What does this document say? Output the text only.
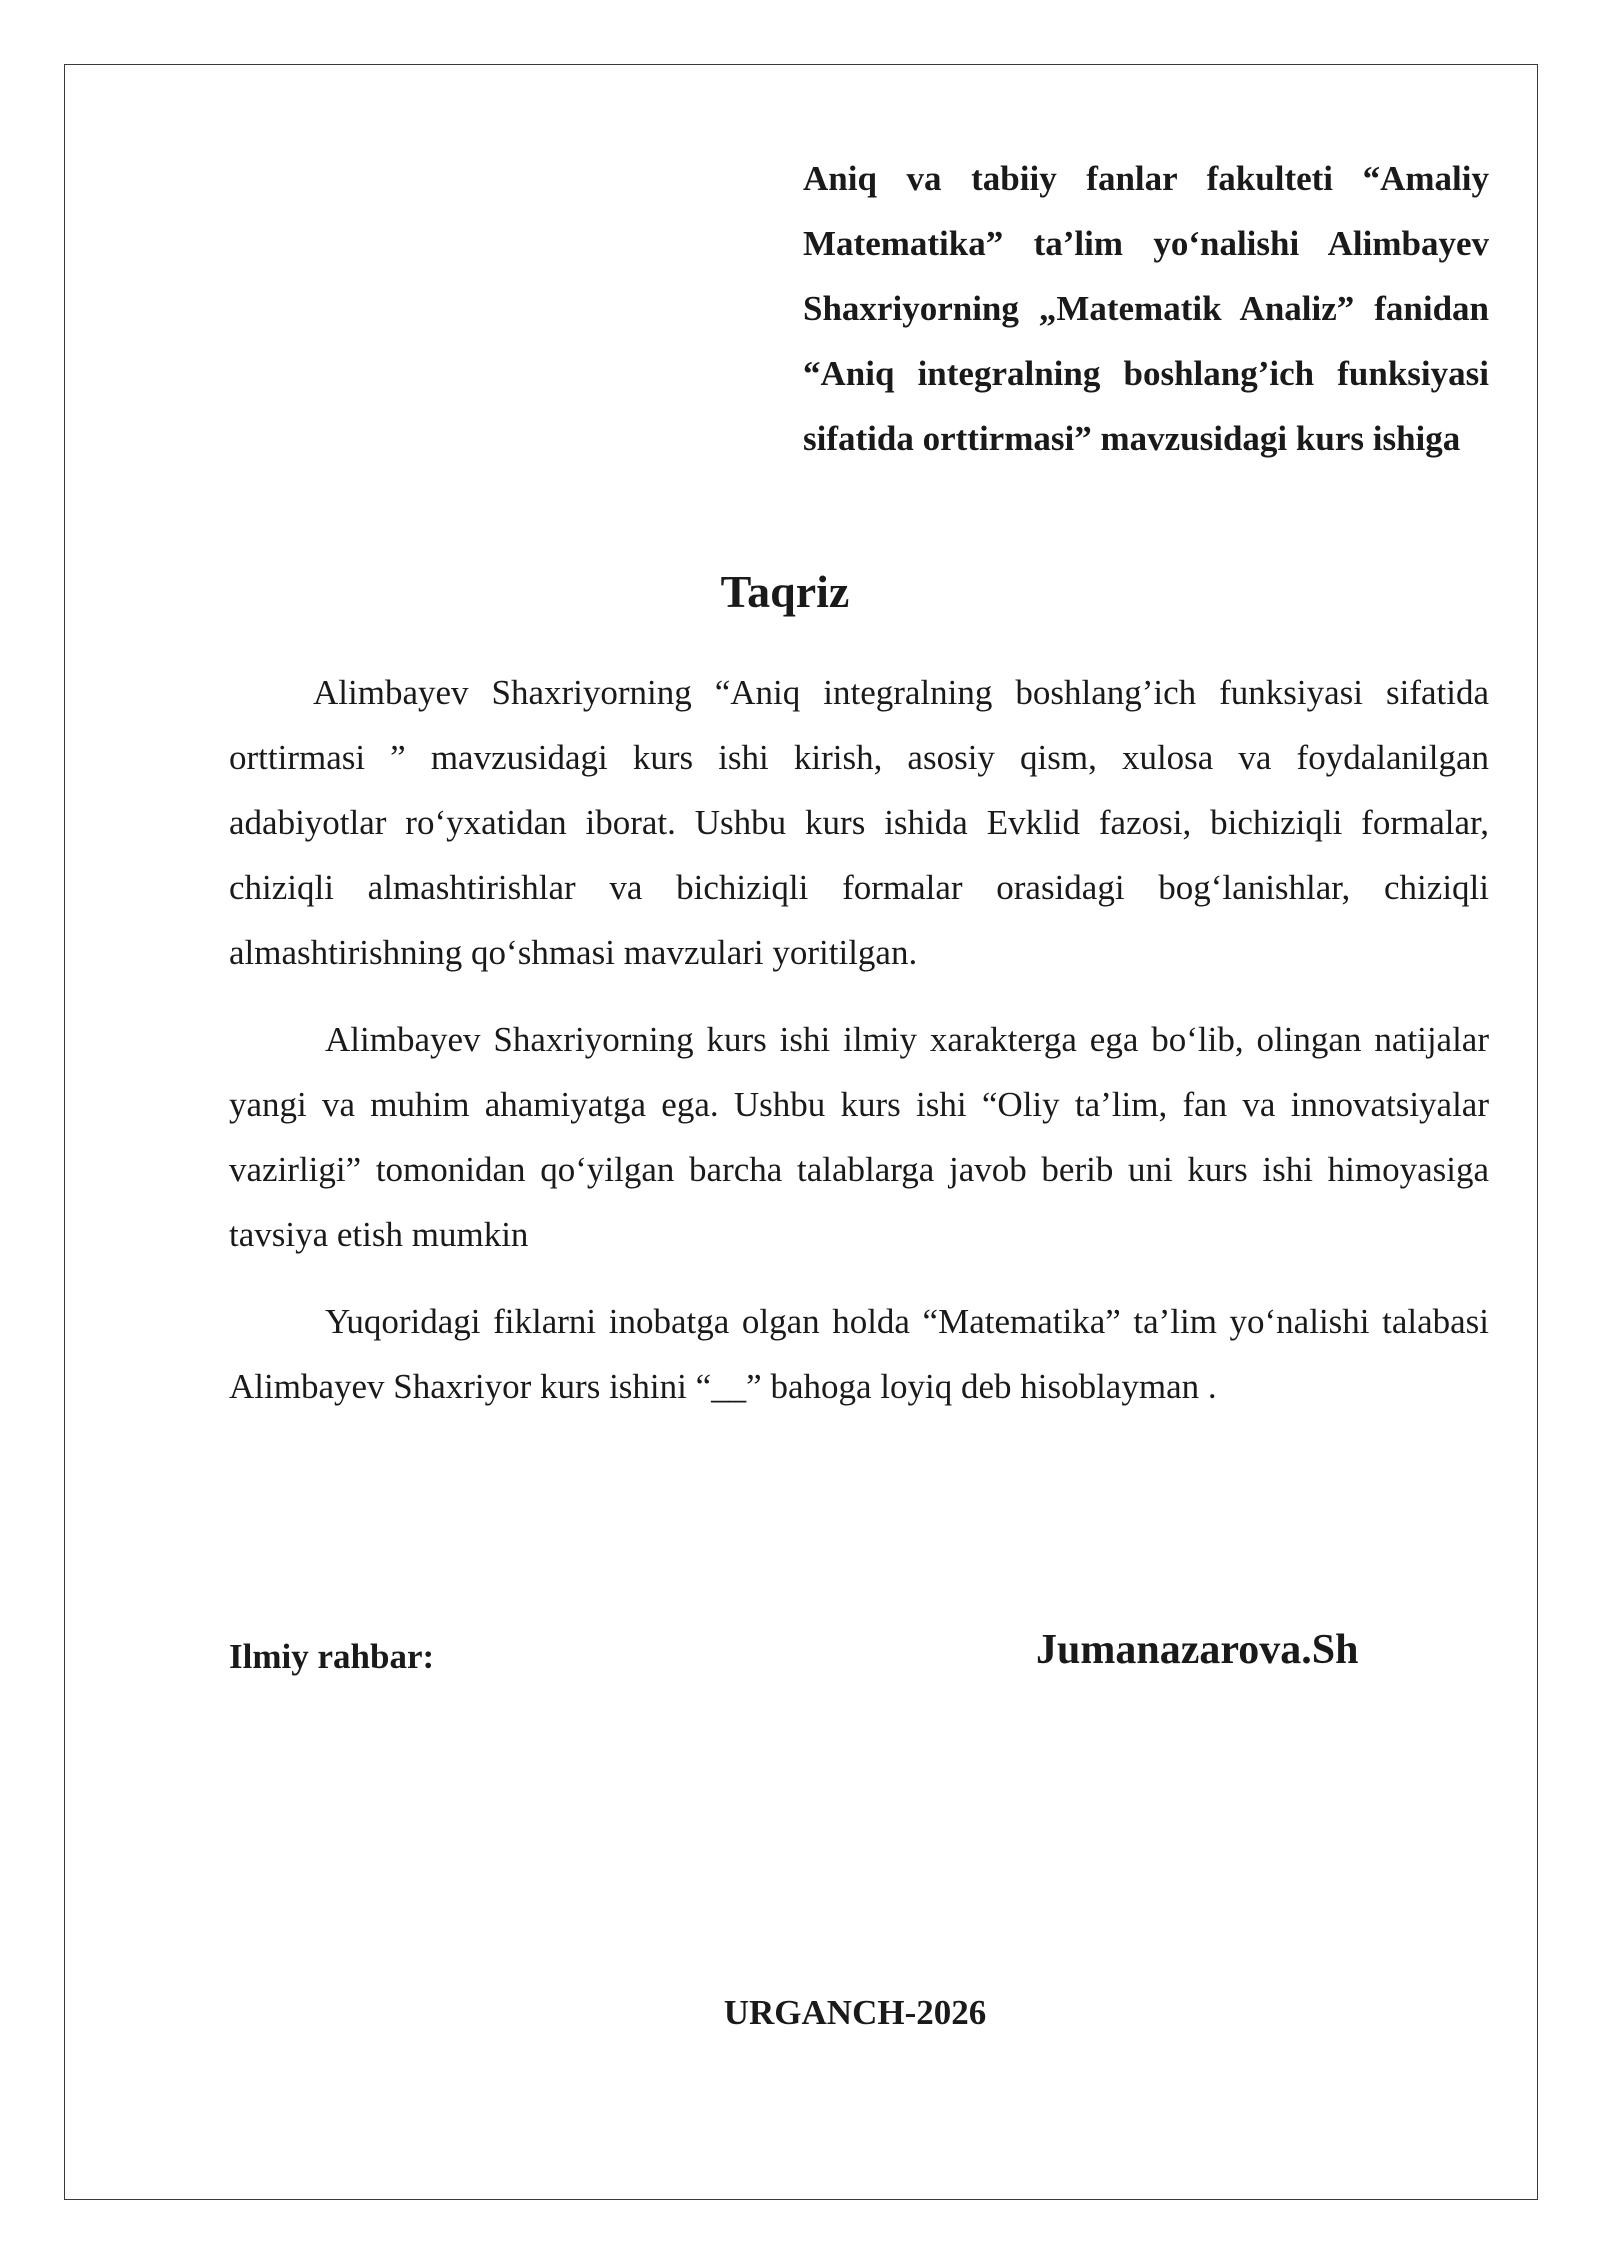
Aniq va tabiiy fanlar fakulteti “Amaliy Matematika” ta’lim yo‘nalishi Alimbayev Shaxriyorning „Matematik Analiz” fanidan “Aniq integralning boshlang’ich funksiyasi sifatida orttirmasi” mavzusidagi kurs ishiga
Taqriz

Alimbayev Shaxriyorning “Aniq integralning boshlang’ich funksiyasi sifatida orttirmasi ” mavzusidagi kurs ishi kirish, asosiy qism, xulosa va foydalanilgan adabiyotlar ro‘yxatidan iborat. Ushbu kurs ishida Evklid fazosi, bichiziqli formalar, chiziqli almashtirishlar va bichiziqli formalar orasidagi bog‘lanishlar, chiziqli almashtirishning qo‘shmasi mavzulari yoritilgan.

Alimbayev Shaxriyorning kurs ishi ilmiy xarakterga ega bo‘lib, olingan natijalar yangi va muhim ahamiyatga ega. Ushbu kurs ishi “Oliy ta’lim, fan va innovatsiyalar vazirligi” tomonidan qo‘yilgan barcha talablarga javob berib uni kurs ishi himoyasiga tavsiya etish mumkin

Yuqoridagi fiklarni inobatga olgan holda “Matematika” ta’lim yo‘nalishi talabasi Alimbayev Shaxriyor kurs ishini “__” bahoga loyiq deb hisoblayman .

Ilmiy rahbar:	Jumanazarova.Sh
URGANCH-2026
